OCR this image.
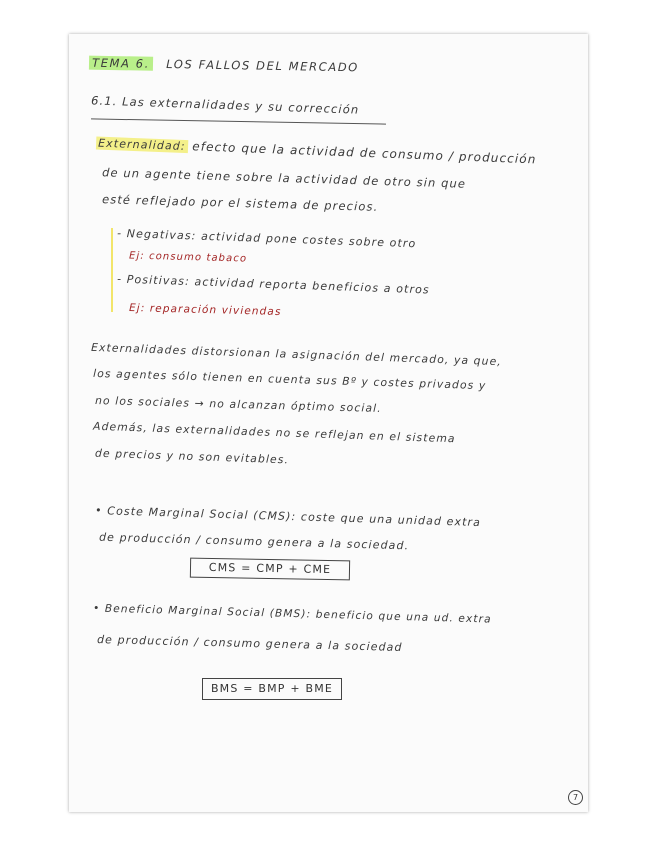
TEMA 6. LOS FALLOS DEL MERCADO
6.1. Las externalidades y su corrección
Externalidad: efecto que la actividad de consumo / producción
de un agente tiene sobre la actividad de otro sin que
esté reflejado por el sistema de precios.
- Negativas: actividad pone costes sobre otro
Ej: consumo tabaco
- Positivas: actividad reporta beneficios a otros
Ej: reparación viviendas
Externalidades distorsionan la asignación del mercado, ya que,
los agentes sólo tienen en cuenta sus Bº y costes privados y
no los sociales → no alcanzan óptimo social.
Además, las externalidades no se reflejan en el sistema
de precios y no son evitables.
• Coste Marginal Social (CMS): coste que una unidad extra
de producción / consumo genera a la sociedad.
CMS = CMP + CME
• Beneficio Marginal Social (BMS): beneficio que una ud. extra
de producción / consumo genera a la sociedad
BMS = BMP + BME
7
